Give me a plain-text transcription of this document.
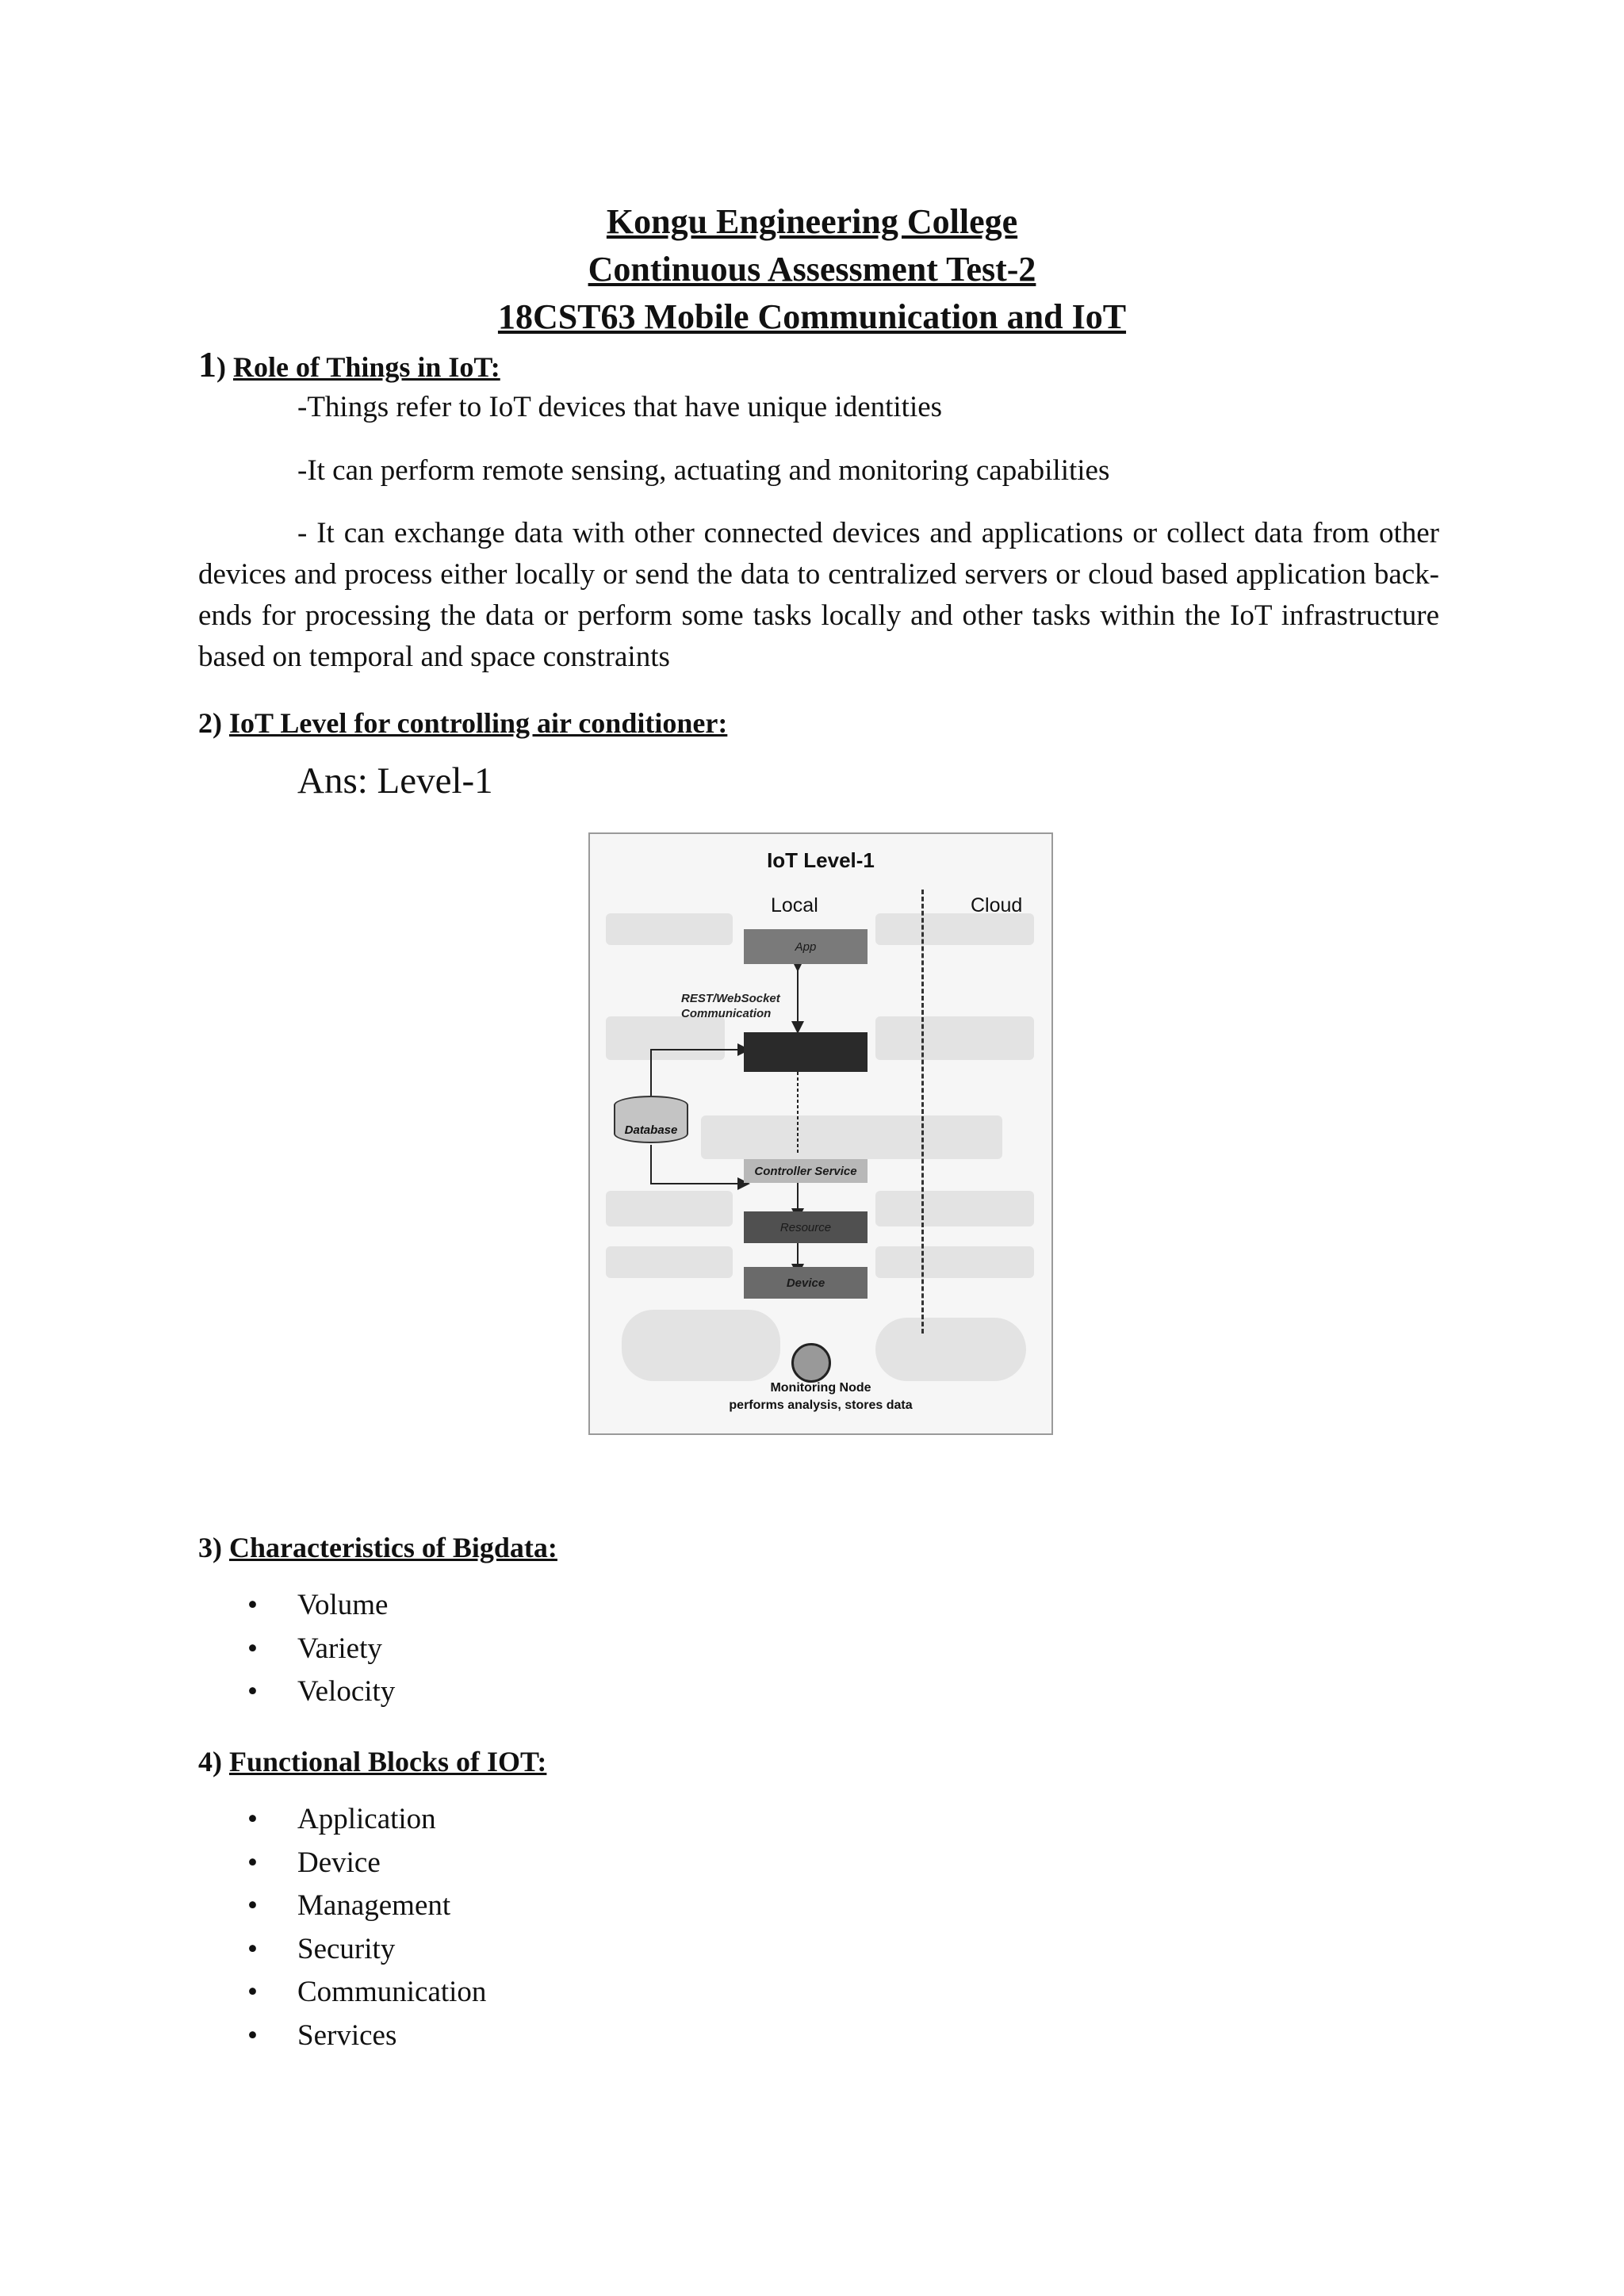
Kongu Engineering College

Continuous Assessment Test-2

18CST63 Mobile Communication and IoT

1) Role of Things in IoT:

-Things refer to IoT devices that have unique identities

-It can perform remote sensing, actuating and monitoring capabilities

- It can exchange data with other connected devices and applications or collect data from other devices and process either locally or send the data to centralized servers or cloud based application back-ends for processing the data or perform some tasks locally and other tasks within the IoT infrastructure based on temporal and space constraints

2) IoT Level for controlling air conditioner:

Ans: Level-1

IoT Level-1
Local	Cloud
App
REST/WebSocket
Communication
Database
Controller Service
Resource
Device
Monitoring Node
performs analysis, stores data

3) Characteristics of Bigdata:

• Volume
• Variety
• Velocity

4) Functional Blocks of IOT:

• Application
• Device
• Management
• Security
• Communication
• Services
